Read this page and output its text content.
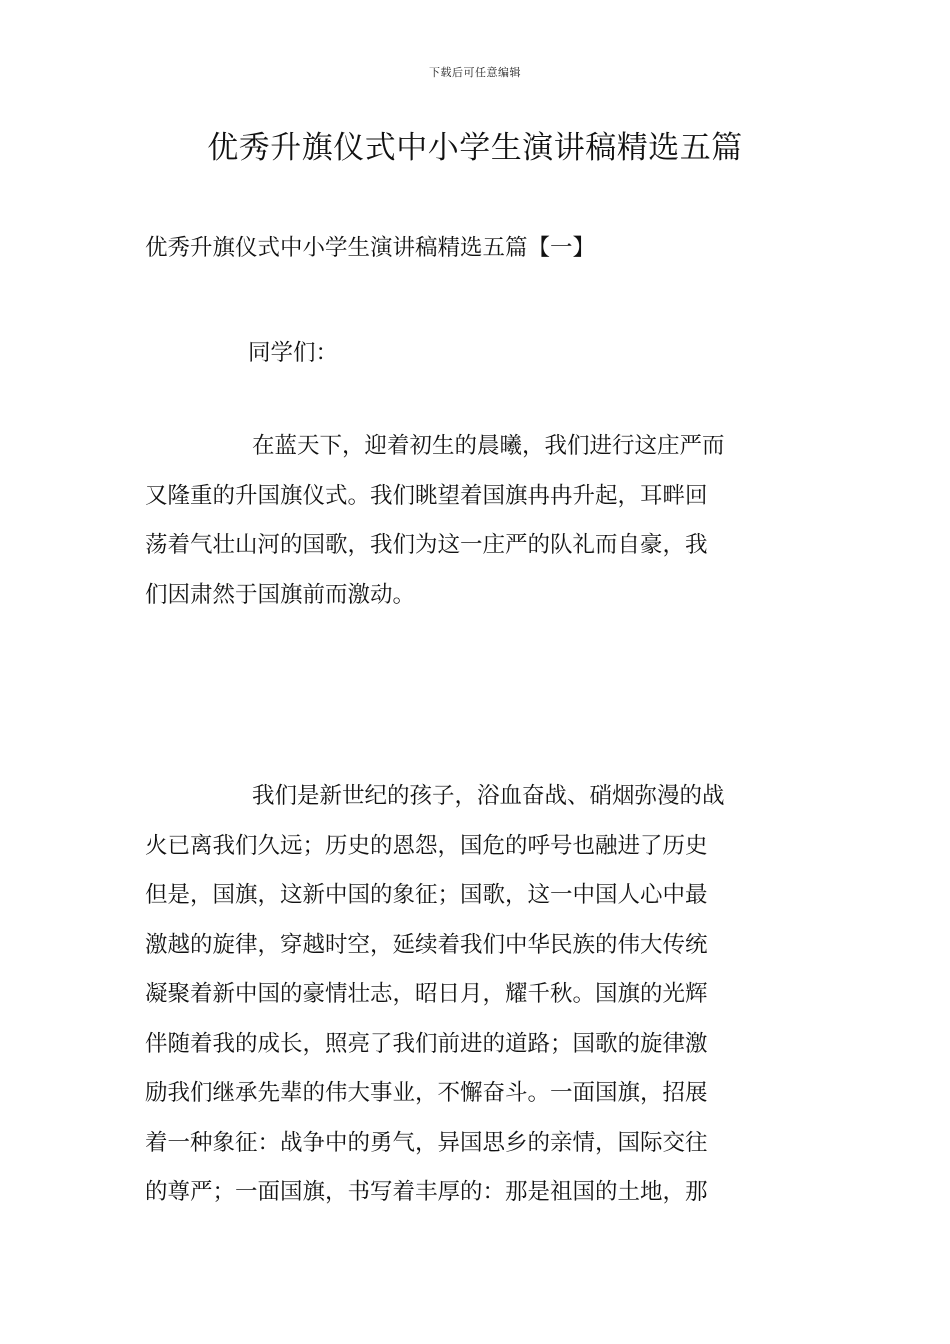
下载后可任意编辑
优秀升旗仪式中小学生演讲稿精选五篇
优秀升旗仪式中小学生演讲稿精选五篇【一】
同学们：
在蓝天下，迎着初生的晨曦，我们进行这庄严而
又隆重的升国旗仪式。我们眺望着国旗冉冉升起，耳畔回
荡着气壮山河的国歌，我们为这一庄严的队礼而自豪，我
们因肃然于国旗前而激动。
我们是新世纪的孩子，浴血奋战、硝烟弥漫的战
火已离我们久远；历史的恩怨，国危的呼号也融进了历史
但是，国旗，这新中国的象征；国歌，这一中国人心中最
激越的旋律，穿越时空，延续着我们中华民族的伟大传统
凝聚着新中国的豪情壮志，昭日月，耀千秋。国旗的光辉
伴随着我的成长，照亮了我们前进的道路；国歌的旋律激
励我们继承先辈的伟大事业，不懈奋斗。一面国旗，招展
着一种象征：战争中的勇气，异国思乡的亲情，国际交往
的尊严；一面国旗，书写着丰厚的：那是祖国的土地，那
